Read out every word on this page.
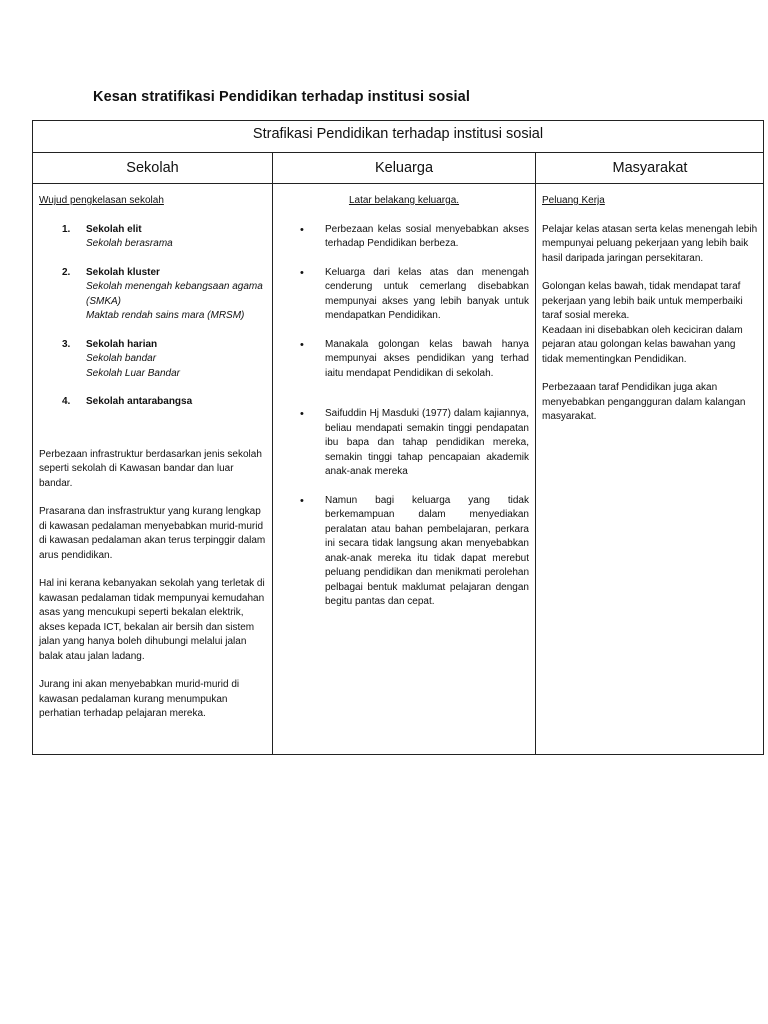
Kesan stratifikasi Pendidikan terhadap institusi sosial
Strafikasi Pendidikan terhadap institusi sosial
Sekolah	Keluarga	Masyarakat
Wujud pengkelasan sekolah
1. Sekolah elit
Sekolah berasrama
2. Sekolah kluster
Sekolah menengah kebangsaan agama (SMKA)
Maktab rendah sains mara (MRSM)
3. Sekolah harian
Sekolah bandar
Sekolah Luar Bandar
4. Sekolah antarabangsa

Perbezaan infrastruktur berdasarkan jenis sekolah seperti sekolah di Kawasan bandar dan luar bandar.

Prasarana dan insfrastruktur yang kurang lengkap di kawasan pedalaman menyebabkan murid-murid di kawasan pedalaman akan terus terpinggir dalam arus pendidikan.

Hal ini kerana kebanyakan sekolah yang terletak di kawasan pedalaman tidak mempunyai kemudahan asas yang mencukupi seperti bekalan elektrik, akses kepada ICT, bekalan air bersih dan sistem jalan yang hanya boleh dihubungi melalui jalan balak atau jalan ladang.

Jurang ini akan menyebabkan murid-murid di kawasan pedalaman kurang menumpukan perhatian terhadap pelajaran mereka.

Latar belakang keluarga.

• Perbezaan kelas sosial menyebabkan akses terhadap Pendidikan berbeza.
• Keluarga dari kelas atas dan menengah cenderung untuk cemerlang disebabkan mempunyai akses yang lebih banyak untuk mendapatkan Pendidikan.
• Manakala golongan kelas bawah hanya mempunyai akses pendidikan yang terhad iaitu mendapat Pendidikan di sekolah.
• Saifuddin Hj Masduki (1977) dalam kajiannya, beliau mendapati semakin tinggi pendapatan ibu bapa dan tahap pendidikan mereka, semakin tinggi tahap pencapaian akademik anak-anak mereka
• Namun bagi keluarga yang tidak berkemampuan dalam menyediakan peralatan atau bahan pembelajaran, perkara ini secara tidak langsung akan menyebabkan anak-anak mereka itu tidak dapat merebut peluang pendidikan dan menikmati perolehan pelbagai bentuk maklumat pelajaran dengan begitu pantas dan cepat.

Peluang Kerja

Pelajar kelas atasan serta kelas menengah lebih mempunyai peluang pekerjaan yang lebih baik hasil daripada jaringan persekitaran.

Golongan kelas bawah, tidak mendapat taraf pekerjaan yang lebih baik untuk memperbaiki taraf sosial mereka.

Keadaan ini disebabkan oleh keciciran dalam pejaran atau golongan kelas bawahan yang tidak mementingkan Pendidikan.

Perbezaaan taraf Pendidikan juga akan menyebabkan pengangguran dalam kalangan masyarakat.
